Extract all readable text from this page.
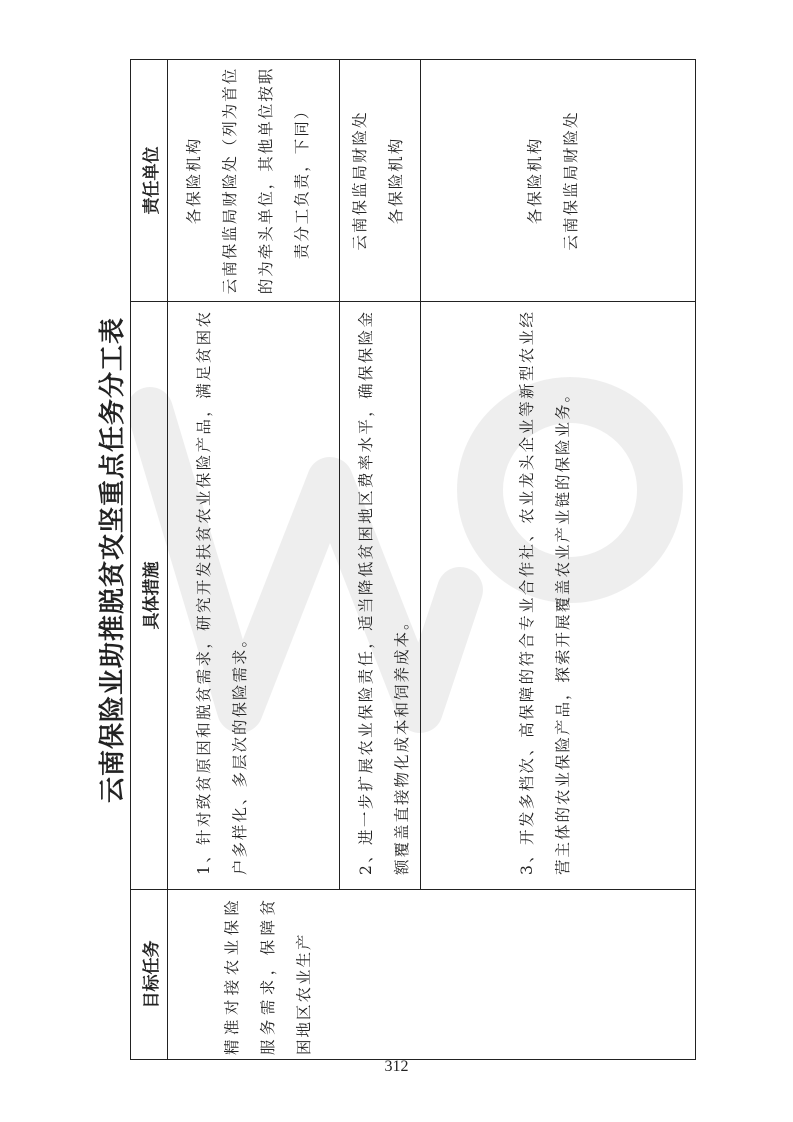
云南保险业助推脱贫攻坚重点任务分工表
目标任务	具体措施	责任单位

精准对接农业保险服务需求，保障贫困地区农业生产	1、针对致贫原因和脱贫需求，研究开发扶贫农业保险产品，满足贫困农户多样化、多层次的保险需求。	各保险机构 云南保监局财险处（列为首位的为牵头单位，其他单位按职责分工负责，下同）

	2、进一步扩展农业保险责任，适当降低贫困地区费率水平，确保保险金额覆盖直接物化成本和饲养成本。	云南保监局财险处 各保险机构

	3、开发多档次、高保障的符合专业合作社、农业龙头企业等新型农业经营主体的农业保险产品，探索开展覆盖农业产业链的保险业务。	各保险机构 云南保监局财险处
312
